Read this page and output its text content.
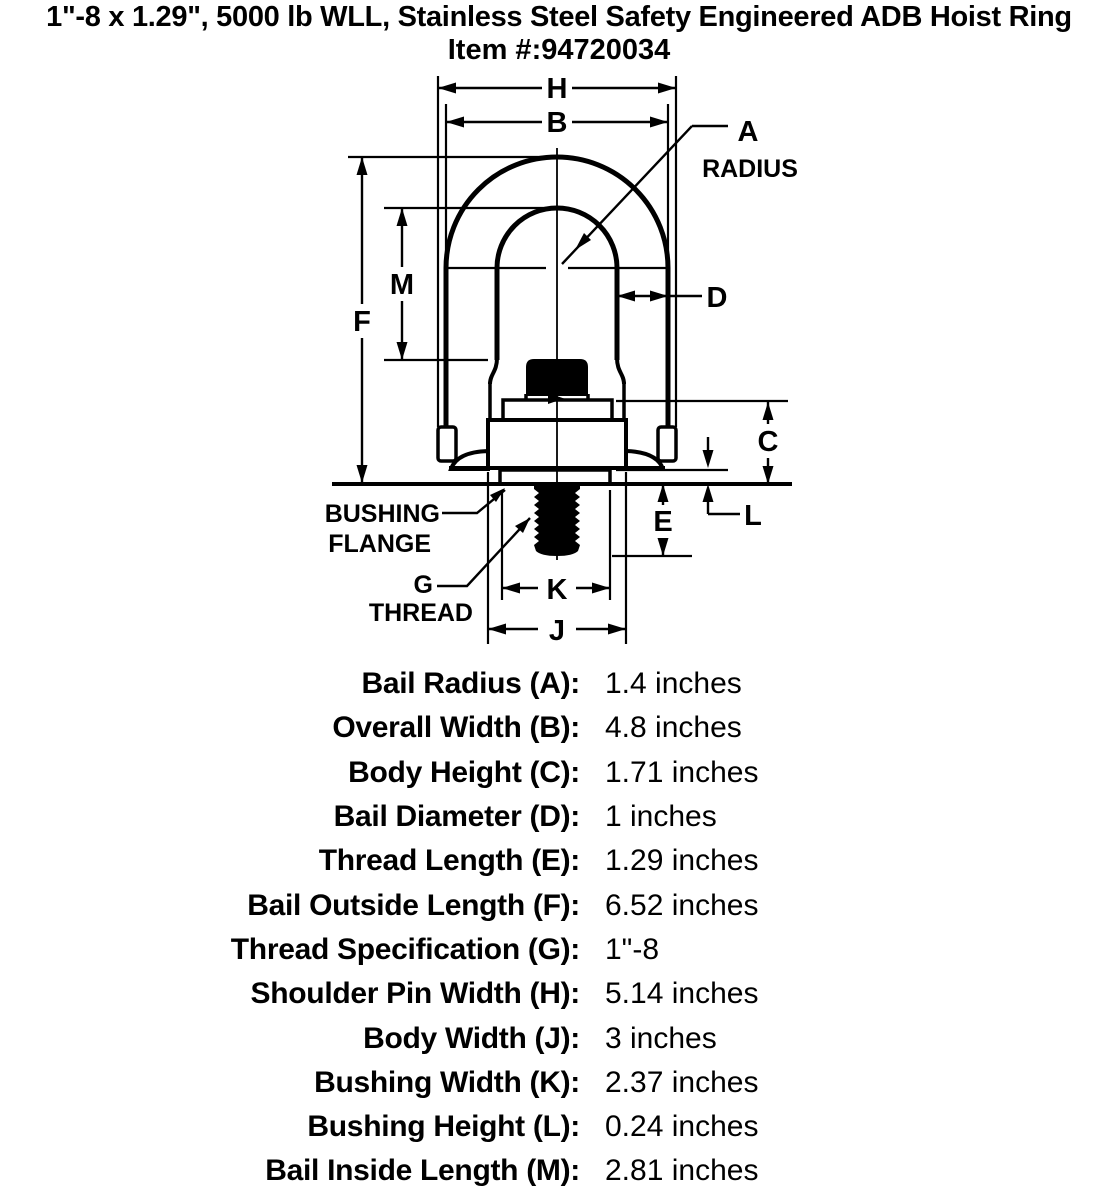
1"-8 x 1.29", 5000 lb WLL, Stainless Steel Safety Engineered ADB Hoist Ring
Item #:94720034
H
B	A
RADIUS
M
F
D
C
L
E
K
J
BUSHING
FLANGE
G
THREAD
Bail Radius (A): 1.4 inches
Overall Width (B): 4.8 inches
Body Height (C): 1.71 inches
Bail Diameter (D): 1 inches
Thread Length (E): 1.29 inches
Bail Outside Length (F): 6.52 inches
Thread Specification (G): 1"-8
Shoulder Pin Width (H): 5.14 inches
Body Width (J): 3 inches
Bushing Width (K): 2.37 inches
Bushing Height (L): 0.24 inches
Bail Inside Length (M): 2.81 inches
